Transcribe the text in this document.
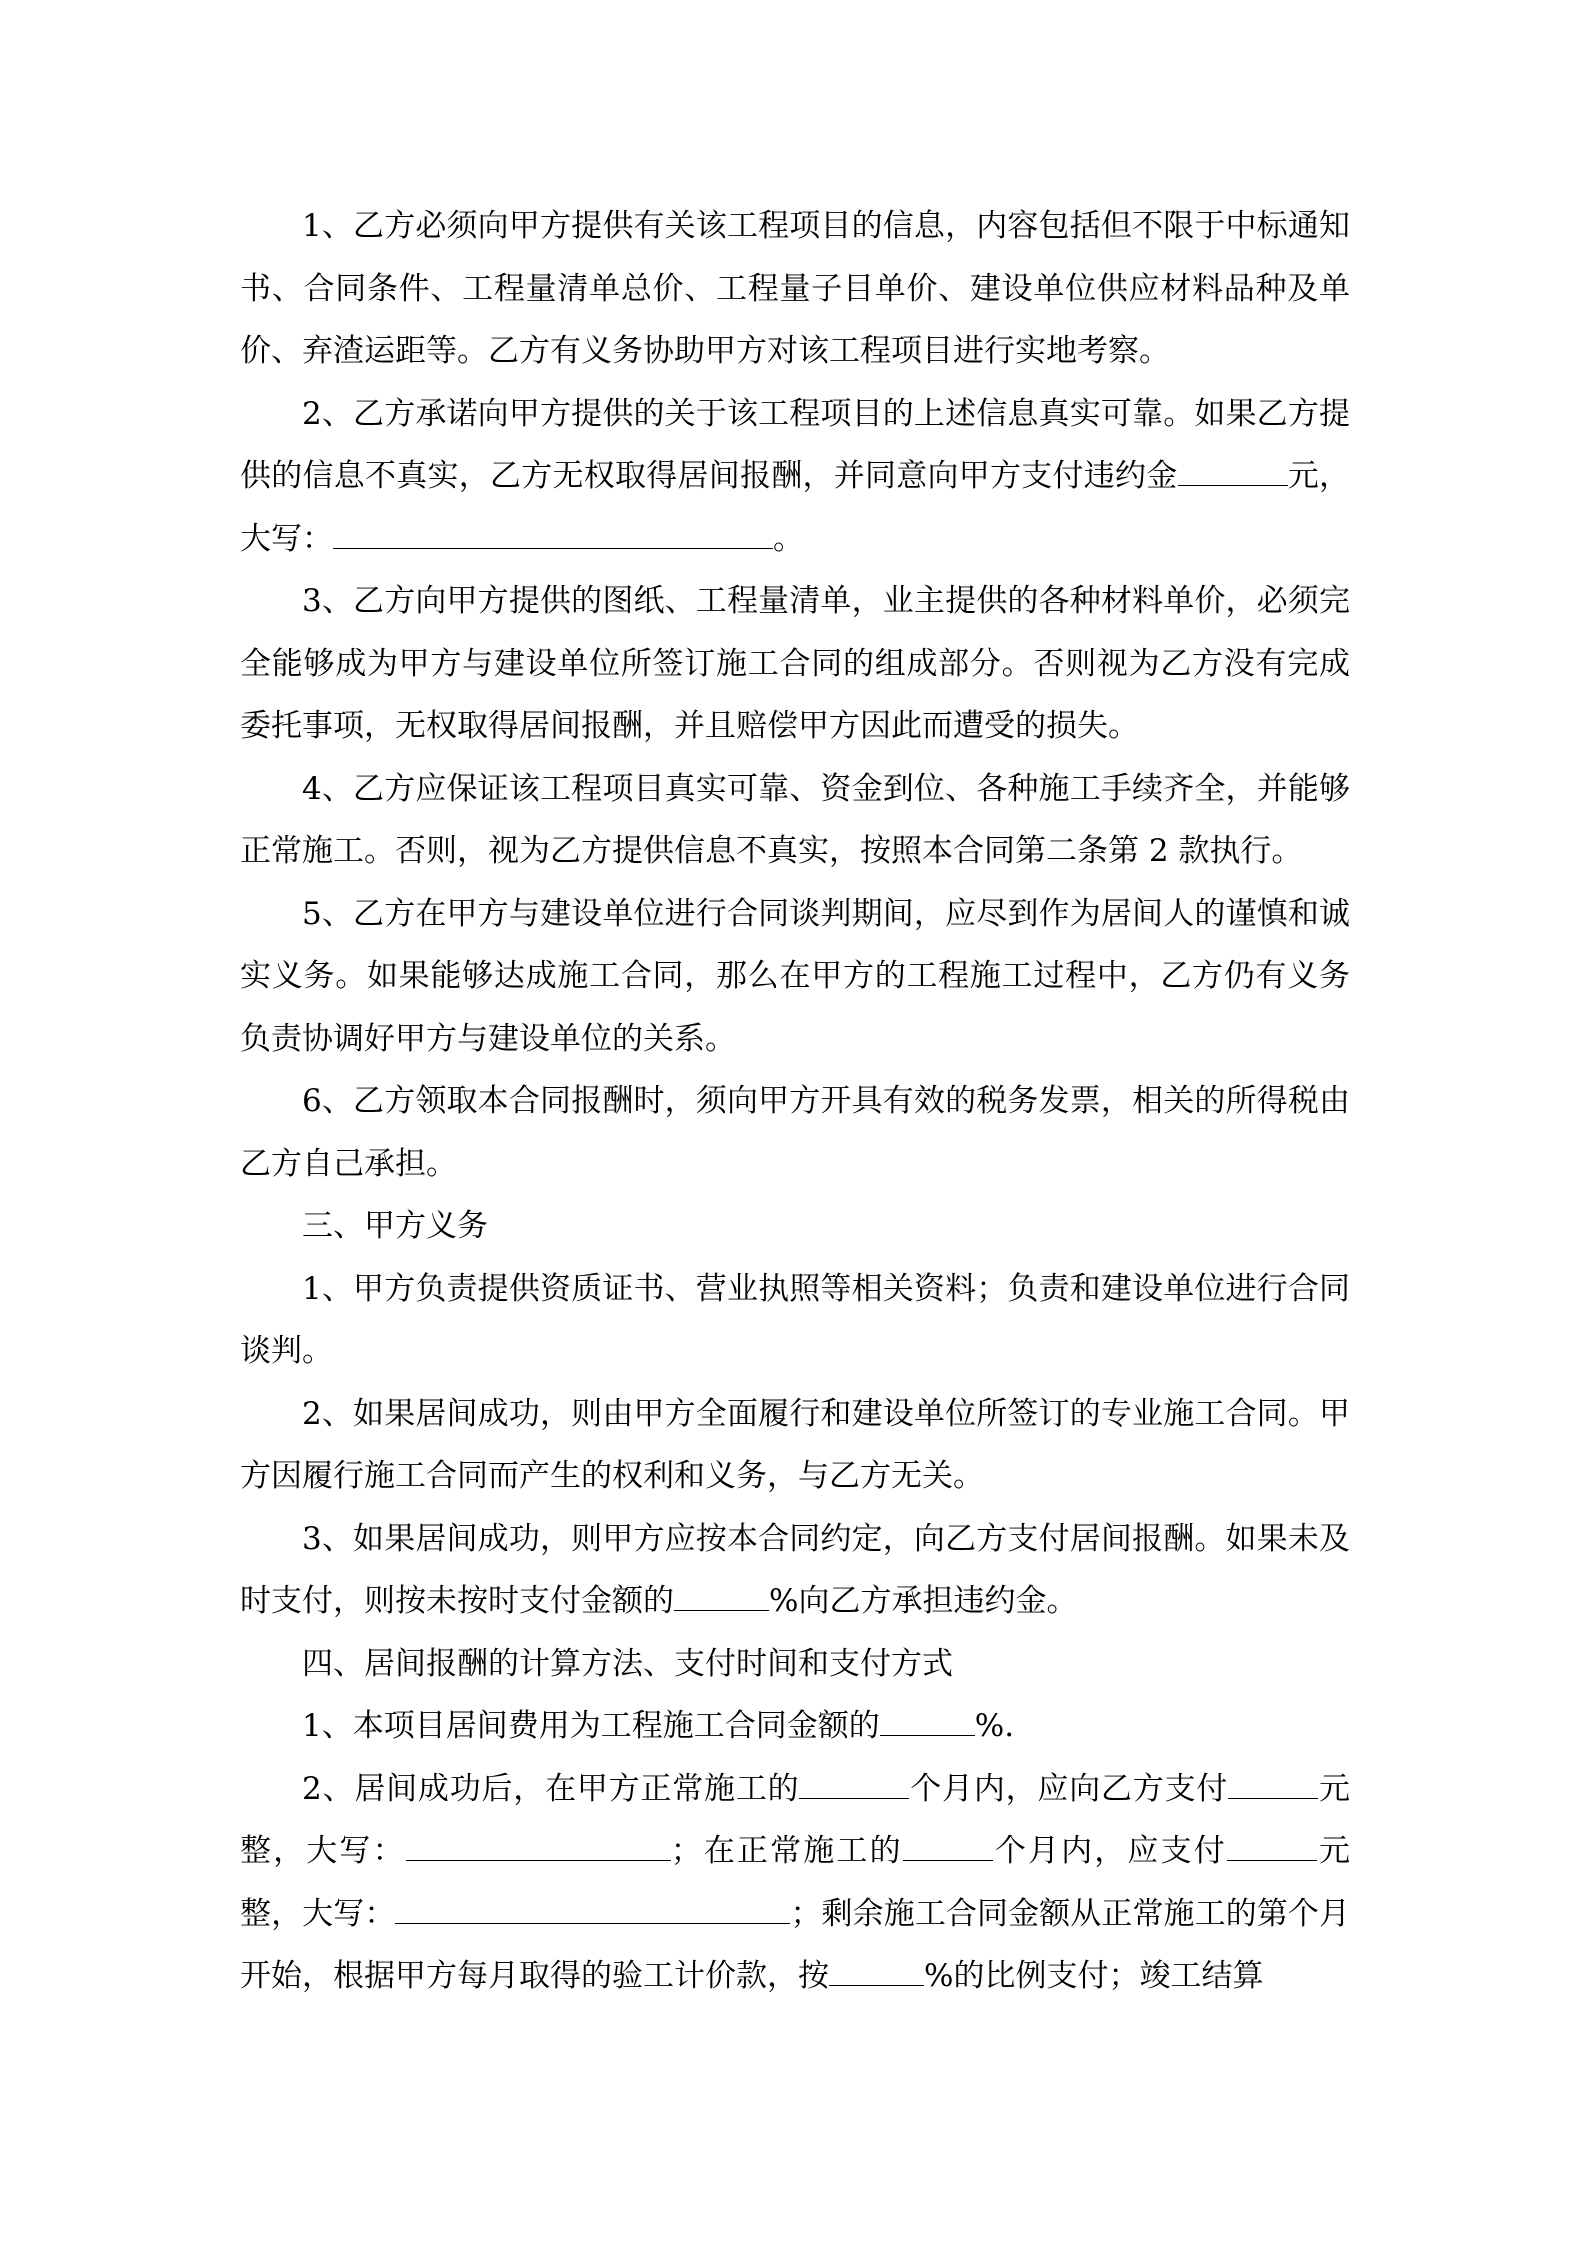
1、乙方必须向甲方提供有关该工程项目的信息，内容包括但不限于中标通知书、合同条件、工程量清单总价、工程量子目单价、建设单位供应材料品种及单价、弃渣运距等。乙方有义务协助甲方对该工程项目进行实地考察。

2、乙方承诺向甲方提供的关于该工程项目的上述信息真实可靠。如果乙方提供的信息不真实，乙方无权取得居间报酬，并同意向甲方支付违约金	元，大写：	。

3、乙方向甲方提供的图纸、工程量清单，业主提供的各种材料单价，必须完全能够成为甲方与建设单位所签订施工合同的组成部分。否则视为乙方没有完成委托事项，无权取得居间报酬，并且赔偿甲方因此而遭受的损失。

4、乙方应保证该工程项目真实可靠、资金到位、各种施工手续齐全，并能够正常施工。否则，视为乙方提供信息不真实，按照本合同第二条第 2 款执行。

5、乙方在甲方与建设单位进行合同谈判期间，应尽到作为居间人的谨慎和诚实义务。如果能够达成施工合同，那么在甲方的工程施工过程中，乙方仍有义务负责协调好甲方与建设单位的关系。

6、乙方领取本合同报酬时，须向甲方开具有效的税务发票，相关的所得税由乙方自己承担。

三、甲方义务

1、甲方负责提供资质证书、营业执照等相关资料；负责和建设单位进行合同谈判。

2、如果居间成功，则由甲方全面履行和建设单位所签订的专业施工合同。甲方因履行施工合同而产生的权利和义务，与乙方无关。

3、如果居间成功，则甲方应按本合同约定，向乙方支付居间报酬。如果未及时支付，则按未按时支付金额的	%向乙方承担违约金。

四、居间报酬的计算方法、支付时间和支付方式

1、本项目居间费用为工程施工合同金额的	%.

2、居间成功后，在甲方正常施工的	个月内，应向乙方支付	元整，大写：	；在正常施工的	个月内，应支付	元整，大写：	；剩余施工合同金额从正常施工的第个月开始，根据甲方每月取得的验工计价款，按	%的比例支付；竣工结算
